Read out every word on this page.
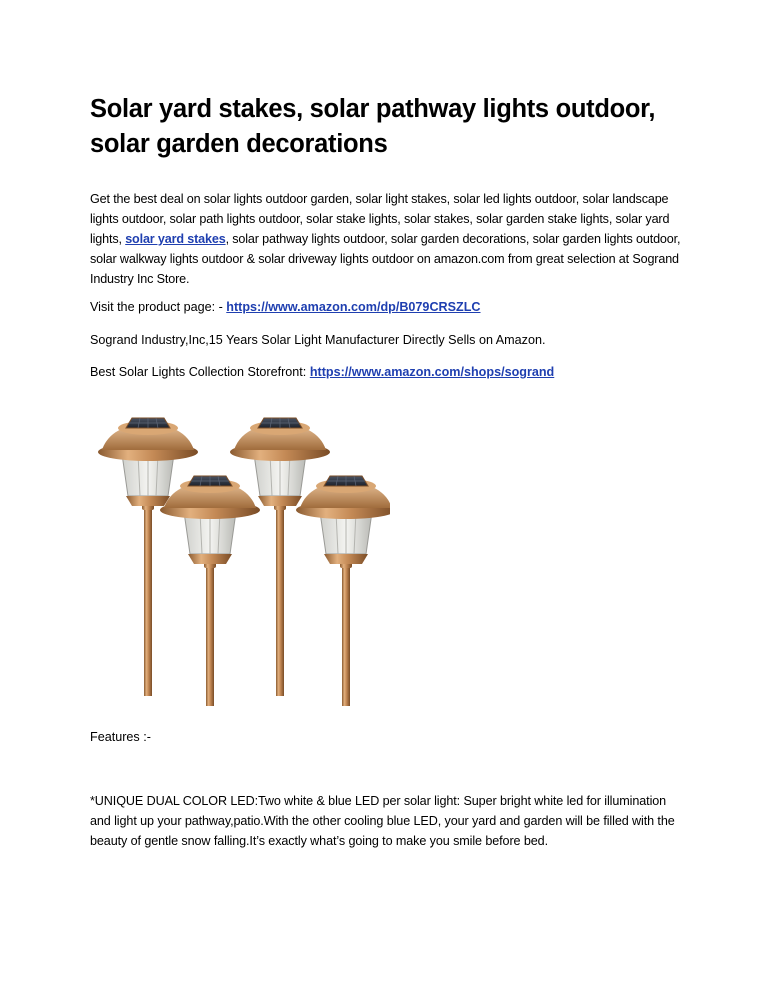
Solar yard stakes, solar pathway lights outdoor, solar garden decorations

Get the best deal on solar lights outdoor garden, solar light stakes, solar led lights outdoor, solar landscape lights outdoor, solar path lights outdoor, solar stake lights, solar stakes, solar garden stake lights, solar yard lights, solar yard stakes, solar pathway lights outdoor, solar garden decorations, solar garden lights outdoor, solar walkway lights outdoor & solar driveway lights outdoor on amazon.com from great selection at Sogrand Industry Inc Store.

Visit the product page: - https://www.amazon.com/dp/B079CRSZLC

Sogrand Industry,Inc,15 Years Solar Light Manufacturer Directly Sells on Amazon.

Best Solar Lights Collection Storefront: https://www.amazon.com/shops/sogrand

Features :-

*UNIQUE DUAL COLOR LED:Two white & blue LED per solar light: Super bright white led for illumination and light up your pathway,patio.With the other cooling blue LED, your yard and garden will be filled with the beauty of gentle snow falling.It’s exactly what’s going to make you smile before bed.
